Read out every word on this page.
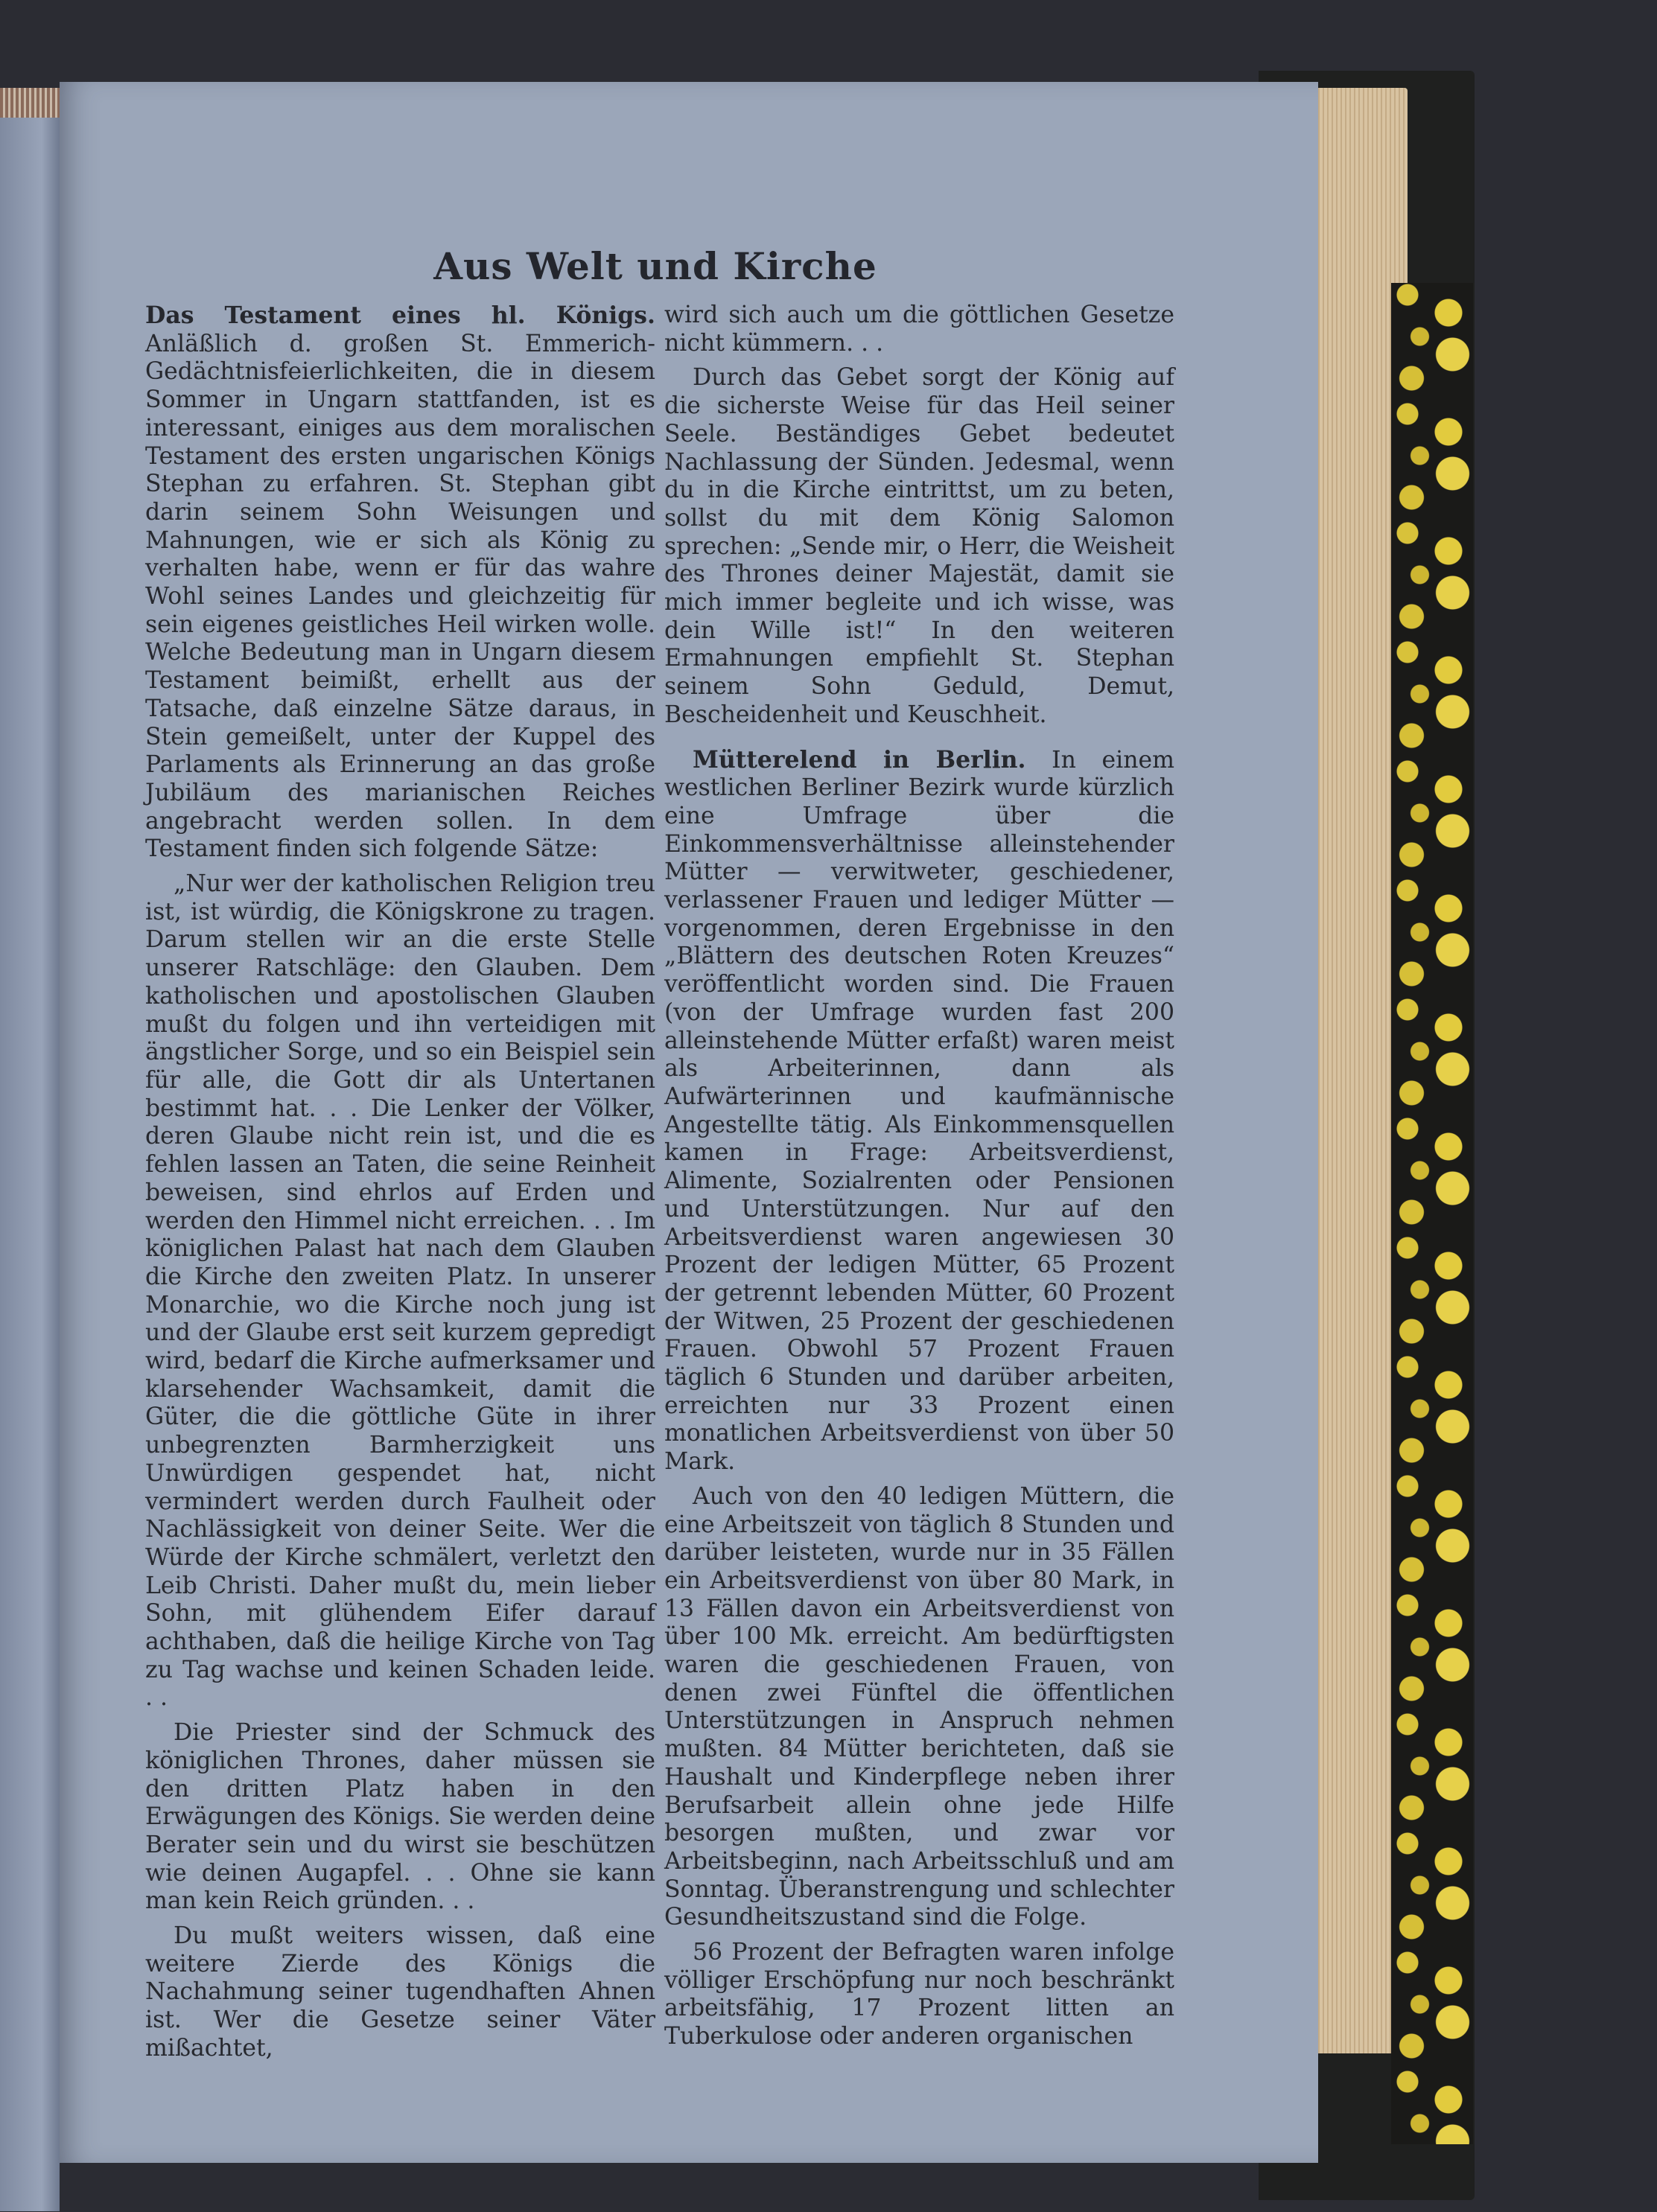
Aus Welt und Kirche

Das Testament eines hl. Königs. Anläßlich d. großen St. Emmerich-Gedächtnisfeierlichkeiten, die in diesem Sommer in Ungarn stattfanden, ist es interessant, einiges aus dem moralischen Testament des ersten ungarischen Königs Stephan zu erfahren. St. Stephan gibt darin seinem Sohn Weisungen und Mahnungen, wie er sich als König zu verhalten habe, wenn er für das wahre Wohl seines Landes und gleichzeitig für sein eigenes geistliches Heil wirken wolle. Welche Bedeutung man in Ungarn diesem Testament beimißt, erhellt aus der Tatsache, daß einzelne Sätze daraus, in Stein gemeißelt, unter der Kuppel des Parlaments als Erinnerung an das große Jubiläum des marianischen Reiches angebracht werden sollen. In dem Testament finden sich folgende Sätze:

„Nur wer der katholischen Religion treu ist, ist würdig, die Königskrone zu tragen. Darum stellen wir an die erste Stelle unserer Ratschläge: den Glauben. Dem katholischen und apostolischen Glauben mußt du folgen und ihn verteidigen mit ängstlicher Sorge, und so ein Beispiel sein für alle, die Gott dir als Untertanen bestimmt hat. . . Die Lenker der Völker, deren Glaube nicht rein ist, und die es fehlen lassen an Taten, die seine Reinheit beweisen, sind ehrlos auf Erden und werden den Himmel nicht erreichen. . . Im königlichen Palast hat nach dem Glauben die Kirche den zweiten Platz. In unserer Monarchie, wo die Kirche noch jung ist und der Glaube erst seit kurzem gepredigt wird, bedarf die Kirche aufmerksamer und klarsehender Wachsamkeit, damit die Güter, die die göttliche Güte in ihrer unbegrenzten Barmherzigkeit uns Unwürdigen gespendet hat, nicht vermindert werden durch Faulheit oder Nachlässigkeit von deiner Seite. Wer die Würde der Kirche schmälert, verletzt den Leib Christi. Daher mußt du, mein lieber Sohn, mit glühendem Eifer darauf achthaben, daß die heilige Kirche von Tag zu Tag wachse und keinen Schaden leide. . .

Die Priester sind der Schmuck des königlichen Thrones, daher müssen sie den dritten Platz haben in den Erwägungen des Königs. Sie werden deine Berater sein und du wirst sie beschützen wie deinen Augapfel. . . Ohne sie kann man kein Reich gründen. . .

Du mußt weiters wissen, daß eine weitere Zierde des Königs die Nachahmung seiner tugendhaften Ahnen ist. Wer die Gesetze seiner Väter mißachtet,

wird sich auch um die göttlichen Gesetze nicht kümmern. . .

Durch das Gebet sorgt der König auf die sicherste Weise für das Heil seiner Seele. Beständiges Gebet bedeutet Nachlassung der Sünden. Jedesmal, wenn du in die Kirche eintrittst, um zu beten, sollst du mit dem König Salomon sprechen: „Sende mir, o Herr, die Weisheit des Thrones deiner Majestät, damit sie mich immer begleite und ich wisse, was dein Wille ist!“ In den weiteren Ermahnungen empfiehlt St. Stephan seinem Sohn Geduld, Demut, Bescheidenheit und Keuschheit.

Mütterelend in Berlin. In einem westlichen Berliner Bezirk wurde kürzlich eine Umfrage über die Einkommensverhältnisse alleinstehender Mütter — verwitweter, geschiedener, verlassener Frauen und lediger Mütter — vorgenommen, deren Ergebnisse in den „Blättern des deutschen Roten Kreuzes“ veröffentlicht worden sind. Die Frauen (von der Umfrage wurden fast 200 alleinstehende Mütter erfaßt) waren meist als Arbeiterinnen, dann als Aufwärterinnen und kaufmännische Angestellte tätig. Als Einkommensquellen kamen in Frage: Arbeitsverdienst, Alimente, Sozialrenten oder Pensionen und Unterstützungen. Nur auf den Arbeitsverdienst waren angewiesen 30 Prozent der ledigen Mütter, 65 Prozent der getrennt lebenden Mütter, 60 Prozent der Witwen, 25 Prozent der geschiedenen Frauen. Obwohl 57 Prozent Frauen täglich 6 Stunden und darüber arbeiten, erreichten nur 33 Prozent einen monatlichen Arbeitsverdienst von über 50 Mark.

Auch von den 40 ledigen Müttern, die eine Arbeitszeit von täglich 8 Stunden und darüber leisteten, wurde nur in 35 Fällen ein Arbeitsverdienst von über 80 Mark, in 13 Fällen davon ein Arbeitsverdienst von über 100 Mk. erreicht. Am bedürftigsten waren die geschiedenen Frauen, von denen zwei Fünftel die öffentlichen Unterstützungen in Anspruch nehmen mußten. 84 Mütter berichteten, daß sie Haushalt und Kinderpflege neben ihrer Berufsarbeit allein ohne jede Hilfe besorgen mußten, und zwar vor Arbeitsbeginn, nach Arbeitsschluß und am Sonntag. Überanstrengung und schlechter Gesundheitszustand sind die Folge.

56 Prozent der Befragten waren infolge völliger Erschöpfung nur noch beschränkt arbeitsfähig, 17 Prozent litten an Tuberkulose oder anderen organischen
